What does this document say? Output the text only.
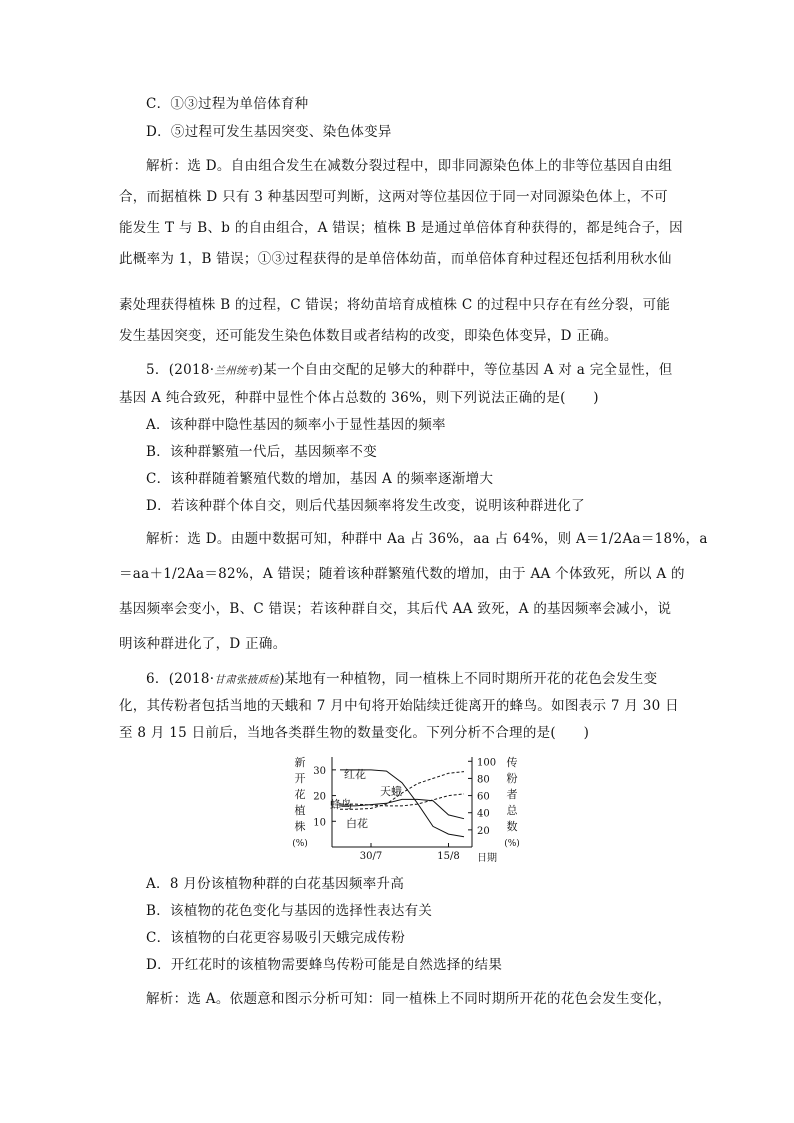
C．①③过程为单倍体育种
D．⑤过程可发生基因突变、染色体变异
解析：选 D。自由组合发生在减数分裂过程中，即非同源染色体上的非等位基因自由组
合，而据植株 D 只有 3 种基因型可判断，这两对等位基因位于同一对同源染色体上，不可
能发生 T 与 B、b 的自由组合，A 错误；植株 B 是通过单倍体育种获得的，都是纯合子，因
此概率为 1，B 错误；①③过程获得的是单倍体幼苗，而单倍体育种过程还包括利用秋水仙
素处理获得植株 B 的过程，C 错误；将幼苗培育成植株 C 的过程中只存在有丝分裂，可能
发生基因突变，还可能发生染色体数目或者结构的改变，即染色体变异，D 正确。
5．(2018·兰州统考)某一个自由交配的足够大的种群中，等位基因 A 对 a 完全显性，但
基因 A 纯合致死，种群中显性个体占总数的 36%，则下列说法正确的是(　　)
A．该种群中隐性基因的频率小于显性基因的频率
B．该种群繁殖一代后，基因频率不变
C．该种群随着繁殖代数的增加，基因 A 的频率逐渐增大
D．若该种群个体自交，则后代基因频率将发生改变，说明该种群进化了
解析：选 D。由题中数据可知，种群中 Aa 占 36%，aa 占 64%，则 A＝1/2Aa＝18%，a
＝aa＋1/2Aa＝82%，A 错误；随着该种群繁殖代数的增加，由于 AA 个体致死，所以 A 的
基因频率会变小，B、C 错误；若该种群自交，其后代 AA 致死，A 的基因频率会减小，说
明该种群进化了，D 正确。
6．(2018·甘肃张掖质检)某地有一种植物，同一植株上不同时期所开花的花色会发生变
化，其传粉者包括当地的天蛾和 7 月中旬将开始陆续迁徙离开的蜂鸟。如图表示 7 月 30 日
至 8 月 15 日前后，当地各类群生物的数量变化。下列分析不合理的是(　　)
新
开
花
植
株
(%)
传
粉
者
总
数
(%)
30
20
10
100
80
60
40
20
30/7	15/8
红花
天蛾
蜂鸟
白花
日期
A．8 月份该植物种群的白花基因频率升高
B．该植物的花色变化与基因的选择性表达有关
C．该植物的白花更容易吸引天蛾完成传粉
D．开红花时的该植物需要蜂鸟传粉可能是自然选择的结果
解析：选 A。依题意和图示分析可知：同一植株上不同时期所开花的花色会发生变化，
